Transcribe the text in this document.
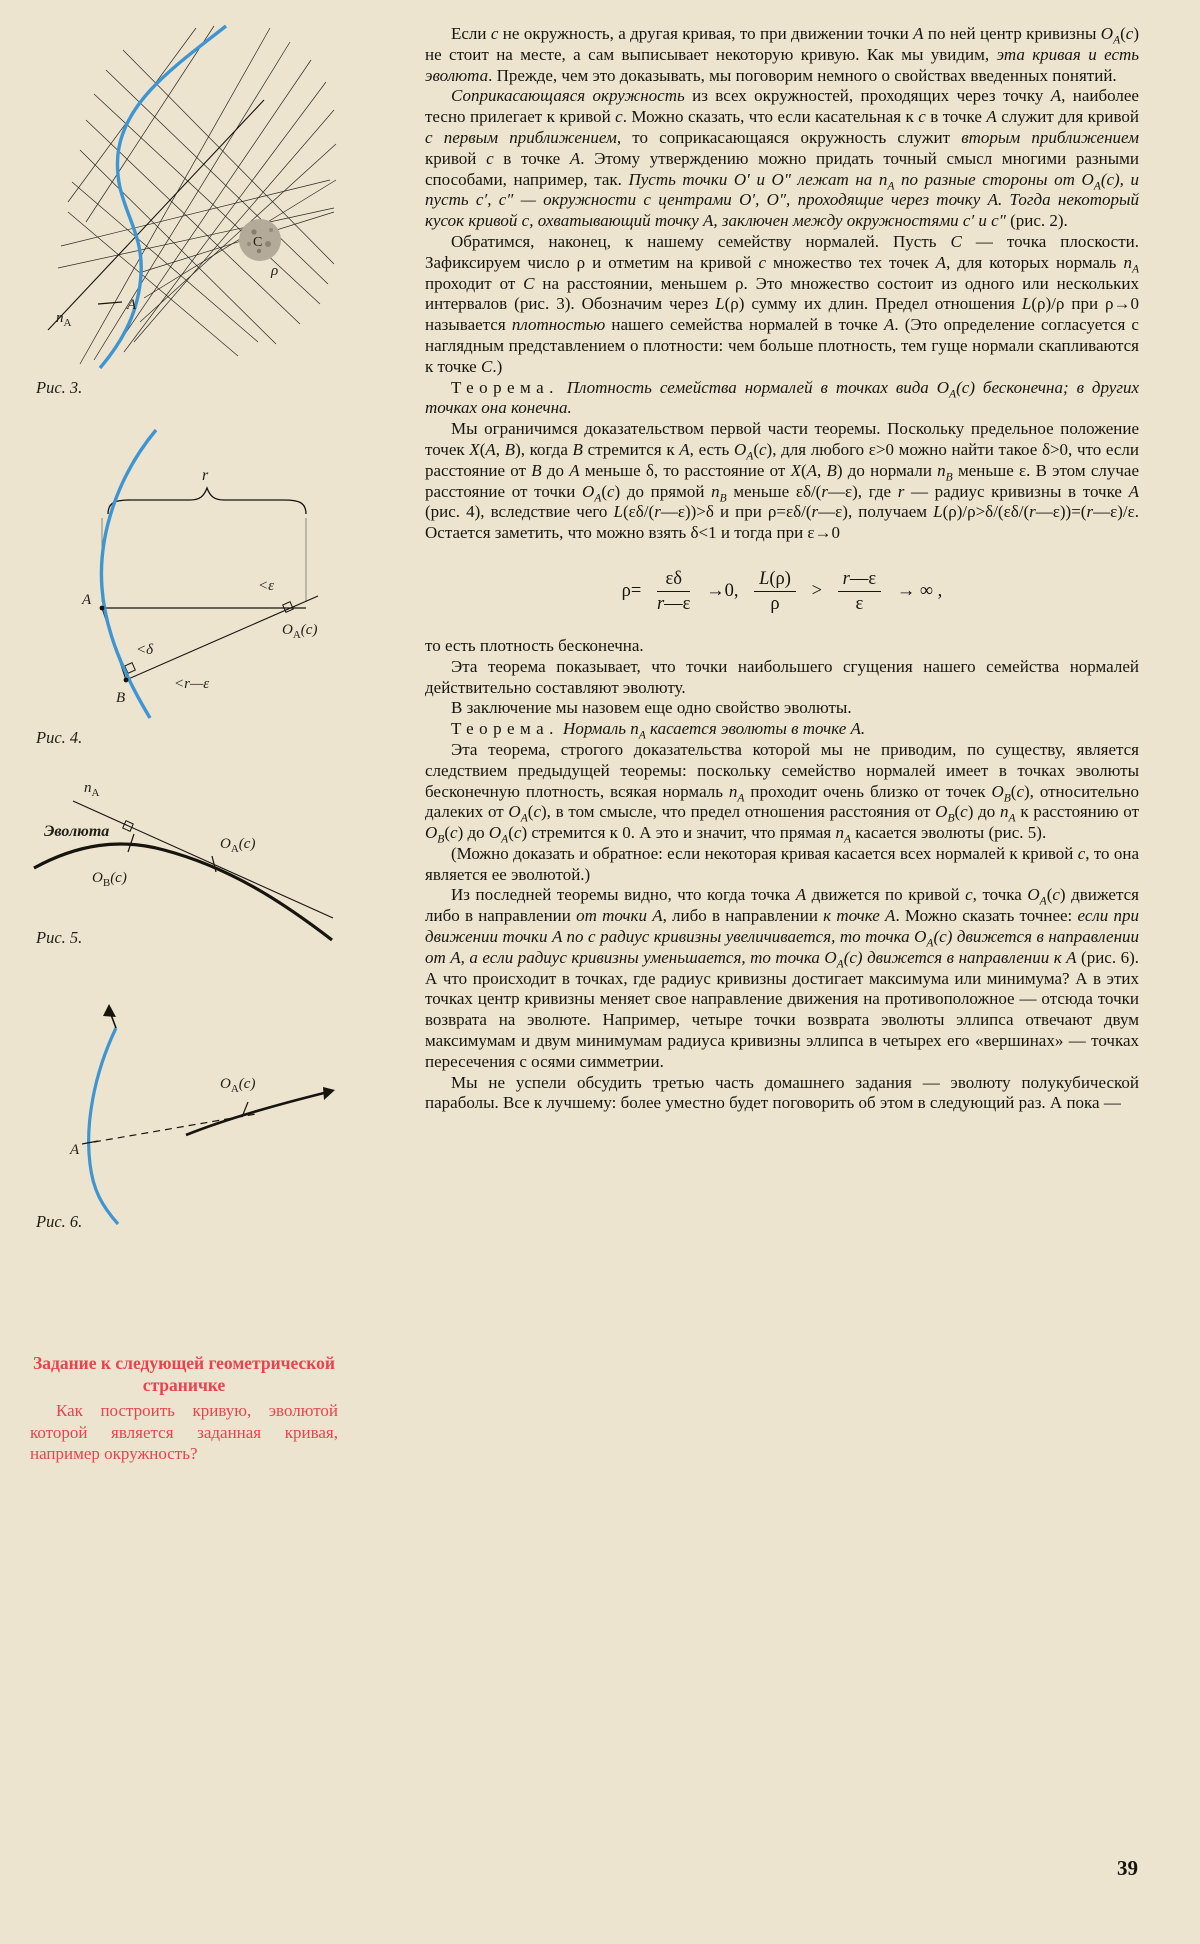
A
C
ρ
$n_A$
Рис. 3.
r
A
B
<δ
<r—ε
<ε
$O_A(c)$
Рис. 4.
Эволюта
$n_A$
$O_B(c)$
$O_A(c)$
Рис. 5.
A
$O_A(c)$
Рис. 6.
Задание к следующей геометрической страничке
Как построить кривую, эволютой которой является заданная кривая, например окружность?

Если c не окружность, а другая кривая, то при движении точки A по ней центр кривизны $O_A(c)$ не стоит на месте, а сам выписывает некоторую кривую. Как мы увидим, эта кривая и есть эволюта. Прежде, чем это доказывать, мы поговорим немного о свойствах введенных понятий.

Соприкасающаяся окружность из всех окружностей, проходящих через точку A, наиболее тесно прилегает к кривой c. Можно сказать, что если касательная к c в точке A служит для кривой c первым приближением, то соприкасающаяся окружность служит вторым приближением кривой c в точке A. Этому утверждению можно придать точный смысл многими разными способами, например, так. Пусть точки O′ и O″ лежат на $n_A$ по разные стороны от $O_A(c)$, и пусть c′, c″ — окружности с центрами O′, O″, проходящие через точку A. Тогда некоторый кусок кривой c, охватывающий точку A, заключен между окружностями c′ и c″ (рис. 2).

Обратимся, наконец, к нашему семейству нормалей. Пусть C — точка плоскости. Зафиксируем число ρ и отметим на кривой c множество тех точек A, для которых нормаль $n_A$ проходит от C на расстоянии, меньшем ρ. Это множество состоит из одного или нескольких интервалов (рис. 3). Обозначим через L(ρ) сумму их длин. Предел отношения L(ρ)/ρ при ρ→0 называется плотностью нашего семейства нормалей в точке A. (Это определение согласуется с наглядным представлением о плотности: чем больше плотность, тем гуще нормали скапливаются к точке C.)

Теорема. Плотность семейства нормалей в точках вида $O_A(c)$ бесконечна; в других точках она конечна.

Мы ограничимся доказательством первой части теоремы. Поскольку предельное положение точек X(A, B), когда B стремится к A, есть $O_A(c)$, для любого ε>0 можно найти такое δ>0, что если расстояние от B до A меньше δ, то расстояние от X(A, B) до нормали $n_B$ меньше ε. В этом случае расстояние от точки $O_A(c)$ до прямой $n_B$ меньше εδ/(r—ε), где r — радиус кривизны в точке A (рис. 4), вследствие чего L(εδ/(r—ε))>δ и при ρ=εδ/(r—ε), получаем L(ρ)/ρ>δ/(εδ/(r—ε))=(r—ε)/ε. Остается заметить, что можно взять δ<1 и тогда при ε→0

$\rho= \frac{\varepsilon\delta}{r—\varepsilon} \to 0$, $\frac{L(\rho)}{\rho} > \frac{r—\varepsilon}{\varepsilon}$ → ∞ ,

то есть плотность бесконечна.

Эта теорема показывает, что точки наибольшего сгущения нашего семейства нормалей действительно составляют эволюту.

В заключение мы назовем еще одно свойство эволюты.

Теорема. Нормаль $n_A$ касается эволюты в точке A.

Эта теорема, строгого доказательства которой мы не приводим, по существу, является следствием предыдущей теоремы: поскольку семейство нормалей имеет в точках эволюты бесконечную плотность, всякая нормаль $n_A$ проходит очень близко от точек $O_B(c)$, относительно далеких от $O_A(c)$, в том смысле, что предел отношения расстояния от $O_B(c)$ до $n_A$ к расстоянию от $O_B(c)$ до $O_A(c)$ стремится к 0. А это и значит, что прямая $n_A$ касается эволюты (рис. 5).

(Можно доказать и обратное: если некоторая кривая касается всех нормалей к кривой c, то она является ее эволютой.)

Из последней теоремы видно, что когда точка A движется по кривой c, точка $O_A(c)$ движется либо в направлении от точки A, либо в направлении к точке A. Можно сказать точнее: если при движении точки A по c радиус кривизны увеличивается, то точка $O_A(c)$ движется в направлении от A, а если радиус кривизны уменьшается, то точка $O_A(c)$ движется в направлении к A (рис. 6). А что происходит в точках, где радиус кривизны достигает максимума или минимума? А в этих точках центр кривизны меняет свое направление движения на противоположное — отсюда точки возврата на эволюте. Например, четыре точки возврата эволюты эллипса отвечают двум максимумам и двум минимумам радиуса кривизны эллипса в четырех его «вершинах» — точках пересечения с осями симметрии.

Мы не успели обсудить третью часть домашнего задания — эволюту полукубической параболы. Все к лучшему: более уместно будет поговорить об этом в следующий раз. А пока —

39
